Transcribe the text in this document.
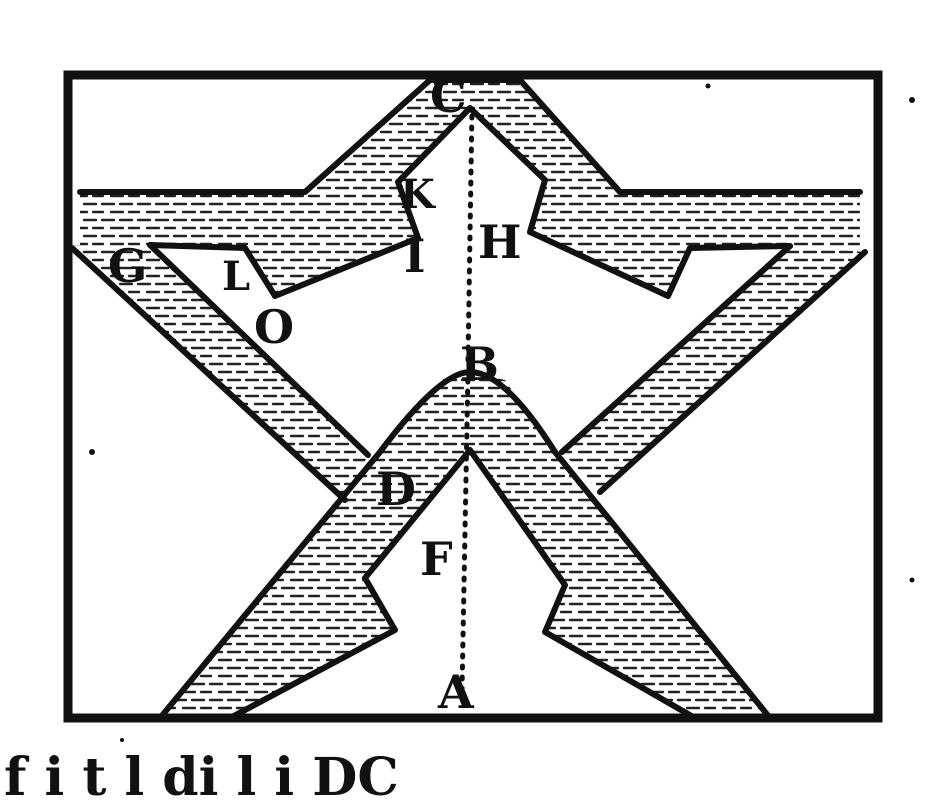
C
K
H
I
G L
O
B
D
F
A
f i t l di l i DC
